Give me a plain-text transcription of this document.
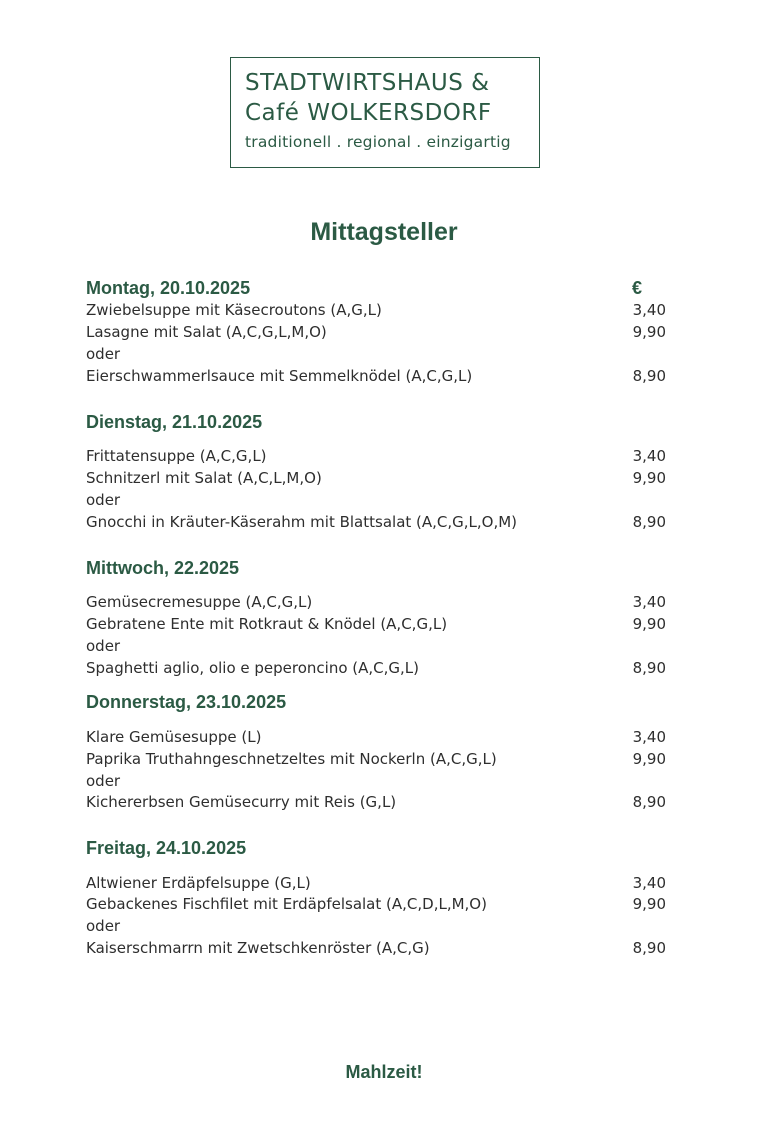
STADTWIRTSHAUS &
Café WOLKERSDORF
traditionell . regional . einzigartig
Mittagsteller
€
Montag, 20.10.2025
Zwiebelsuppe mit Käsecroutons (A,G,L)	3,40
Lasagne mit Salat (A,C,G,L,M,O)	9,90
oder
Eierschwammerlsauce mit Semmelknödel (A,C,G,L)	8,90
Dienstag, 21.10.2025
Frittatensuppe (A,C,G,L)	3,40
Schnitzerl mit Salat (A,C,L,M,O)	9,90
oder
Gnocchi in Kräuter-Käserahm mit Blattsalat (A,C,G,L,O,M)	8,90
Mittwoch, 22.2025
Gemüsecremesuppe (A,C,G,L)	3,40
Gebratene Ente mit Rotkraut & Knödel (A,C,G,L)	9,90
oder
Spaghetti aglio, olio e peperoncino (A,C,G,L)	8,90
Donnerstag, 23.10.2025
Klare Gemüsesuppe (L)	3,40
Paprika Truthahngeschnetzeltes mit Nockerln (A,C,G,L)	9,90
oder
Kichererbsen Gemüsecurry mit Reis (G,L)	8,90
Freitag, 24.10.2025
Altwiener Erdäpfelsuppe (G,L)	3,40
Gebackenes Fischfilet mit Erdäpfelsalat (A,C,D,L,M,O)	9,90
oder
Kaiserschmarrn mit Zwetschkenröster (A,C,G)	8,90
Mahlzeit!
